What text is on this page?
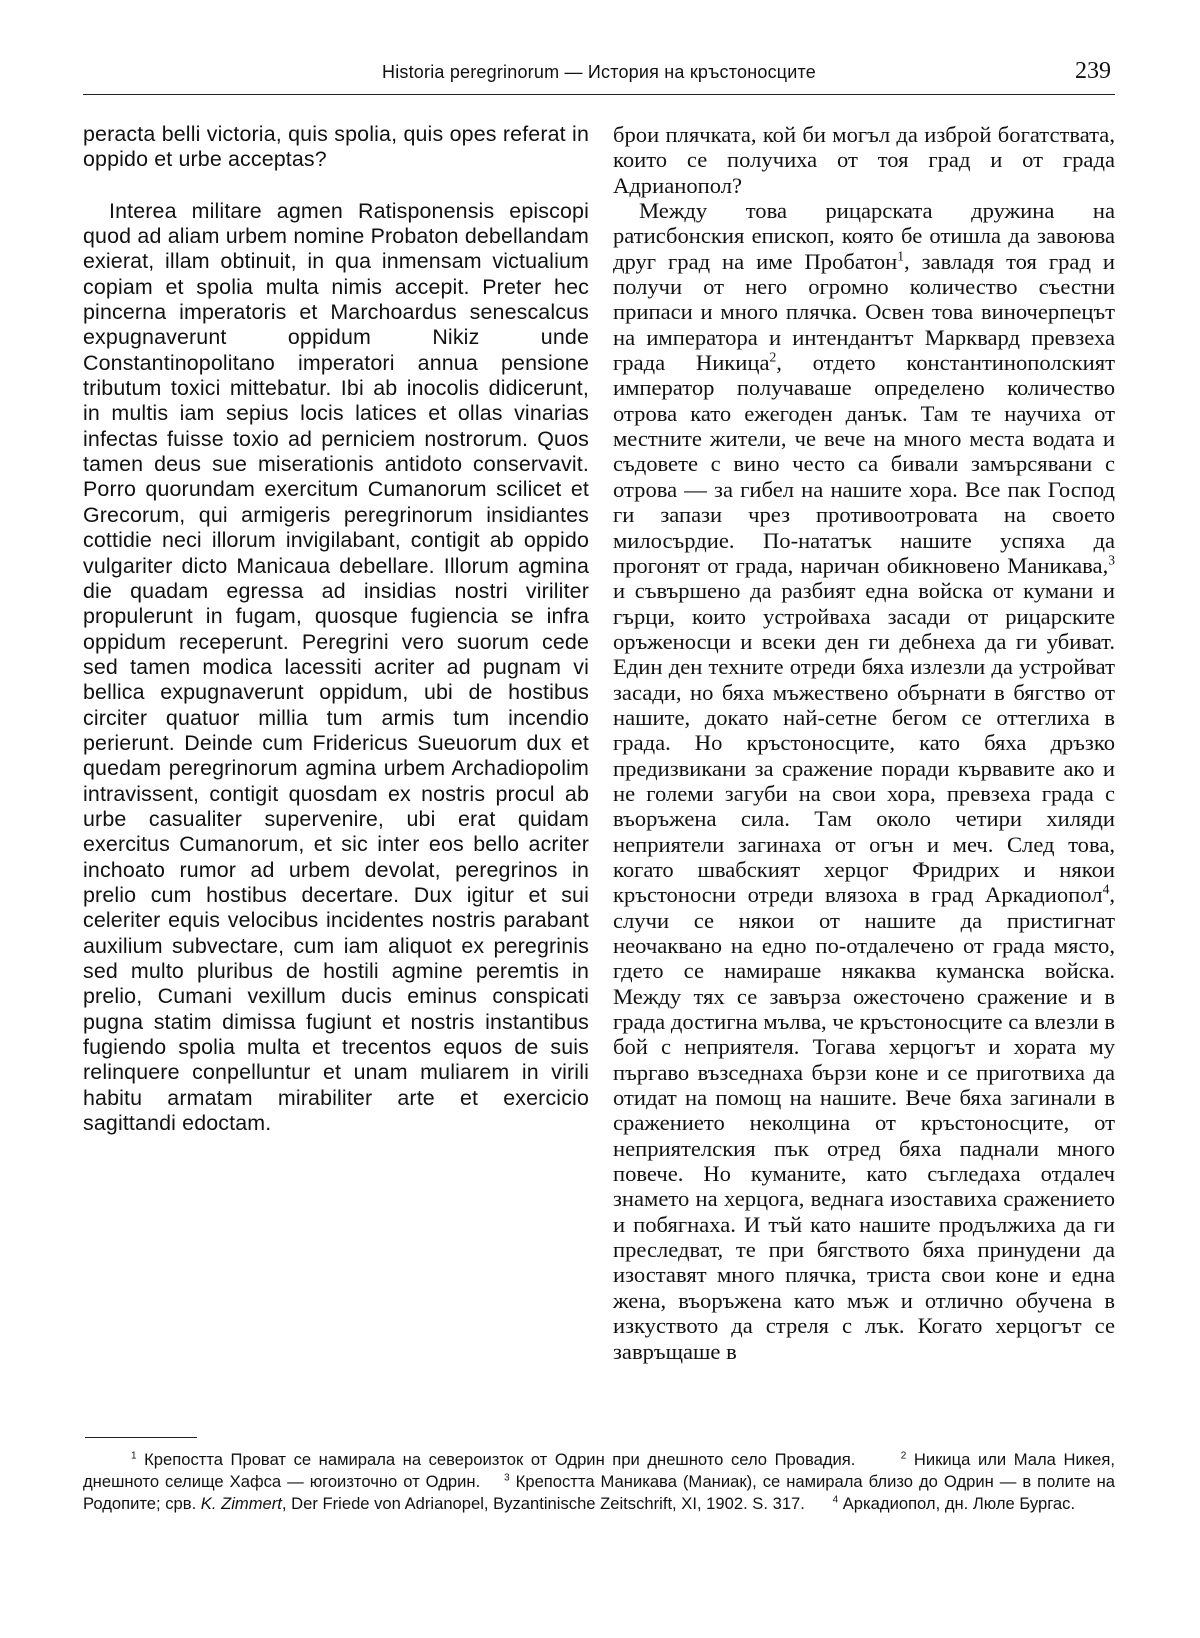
Historia peregrinorum — История на кръстоносците	239

peracta belli victoria, quis spolia, quis opes referat in oppido et urbe acceptas?

Interea militare agmen Ratisponensis episcopi quod ad aliam urbem nomine Probaton debellandam exierat, illam obtinuit, in qua inmensam victualium copiam et spolia multa nimis accepit. Preter hec pincerna imperatoris et Marchoardus senescalcus expugnaverunt oppidum Nikiz unde Constantinopolitano imperatori annua pensione tributum toxici mittebatur. Ibi ab inocolis didicerunt, in multis iam sepius locis latices et ollas vinarias infectas fuisse toxio ad perniciem nostrorum. Quos tamen deus sue miserationis antidoto conservavit. Porro quorundam exercitum Cumanorum scilicet et Grecorum, qui armigeris peregrinorum insidiantes cottidie neci illorum invigilabant, contigit ab oppido vulgariter dicto Manicaua debellare. Illorum agmina die quadam egressa ad insidias nostri viriliter propulerunt in fugam, quosque fugiencia se infra oppidum receperunt. Peregrini vero suorum cede sed tamen modica lacessiti acriter ad pugnam vi bellica expugnaverunt oppidum, ubi de hostibus circiter quatuor millia tum armis tum incendio perierunt. Deinde cum Fridericus Sueuorum dux et quedam peregrinorum agmina urbem Archadiopolim intravissent, contigit quosdam ex nostris procul ab urbe casualiter supervenire, ubi erat quidam exercitus Cumanorum, et sic inter eos bello acriter inchoato rumor ad urbem devolat, peregrinos in prelio cum hostibus decertare. Dux igitur et sui celeriter equis velocibus incidentes nostris parabant auxilium subvectare, cum iam aliquot ex peregrinis sed multo pluribus de hostili agmine peremtis in prelio, Cumani vexillum ducis eminus conspicati pugna statim dimissa fugiunt et nostris instantibus fugiendo spolia multa et trecentos equos de suis relinquere conpelluntur et unam muliarem in virili habitu armatam mirabiliter arte et exercicio sagittandi edoctam.

брои плячката, кой би могъл да изброй богатствата, които се получиха от тоя град и от града Адрианопол?

Между това рицарската дружина на ратисбонския епископ, която бе отишла да завоюва друг град на име Пробатон$^1$, завладя тоя град и получи от него огромно количество съестни припаси и много плячка. Освен това виночерпецът на императора и интендантът Марквард превзеха града Никица$^2$, отдето константинополският император получаваше определено количество отрова като ежегоден данък. Там те научиха от местните жители, че вече на много места водата и съдовете с вино често са бивали замърсявани с отрова — за гибел на нашите хора. Все пак Господ ги запази чрез противоотровата на своето милосърдие. По-нататък нашите успяха да прогонят от града, наричан обикновено Маникава,$^3$ и съвършено да разбият една войска от кумани и гърци, които устройваха засади от рицарските оръженосци и всеки ден ги дебнеха да ги убиват. Един ден техните отреди бяха излезли да устройват засади, но бяха мъжествено обърнати в бягство от нашите, докато най-сетне бегом се оттеглиха в града. Но кръстоносците, като бяха дръзко предизвикани за сражение поради кървавите ако и не големи загуби на свои хора, превзеха града с въоръжена сила. Там около четири хиляди неприятели загинаха от огън и меч. След това, когато швабският херцог Фридрих и някои кръстоносни отреди влязоха в град Аркадиопол$^4$, случи се някои от нашите да пристигнат неочаквано на едно по-отдалечено от града място, гдето се намираше някаква куманска войска. Между тях се завърза ожесточено сражение и в града достигна мълва, че кръстоносците са влезли в бой с неприятеля. Тогава херцогът и хората му пъргаво възседнаха бързи коне и се приготвиха да отидат на помощ на нашите. Вече бяха загинали в сражението неколцина от кръстоносците, от неприятелския пък отред бяха паднали много повече. Но куманите, като съгледаха отдалеч знамето на херцога, веднага изоставиха сражението и побягнаха. И тъй като нашите продължиха да ги преследват, те при бягството бяха принудени да изоставят много плячка, триста свои коне и една жена, въоръжена като мъж и отлично обучена в изкуството да стреля с лък. Когато херцогът се завръщаше в

$^1$ Крепостта Проват се намирала на североизток от Одрин при днешното село Провадия.	$^2$ Никица или Мала Никея, днешното селище Хафса — югоизточно от Одрин. $^3$ Крепостта Маникава (Маниак), се намирала близо до Одрин — в полите на Родопите; срв. K. Zimmert, Der Friede von Adrianopel, Byzantinische Zeitschrift, XI, 1902. S. 317.	$^4$ Аркадиопол, дн. Люле Бургас.
